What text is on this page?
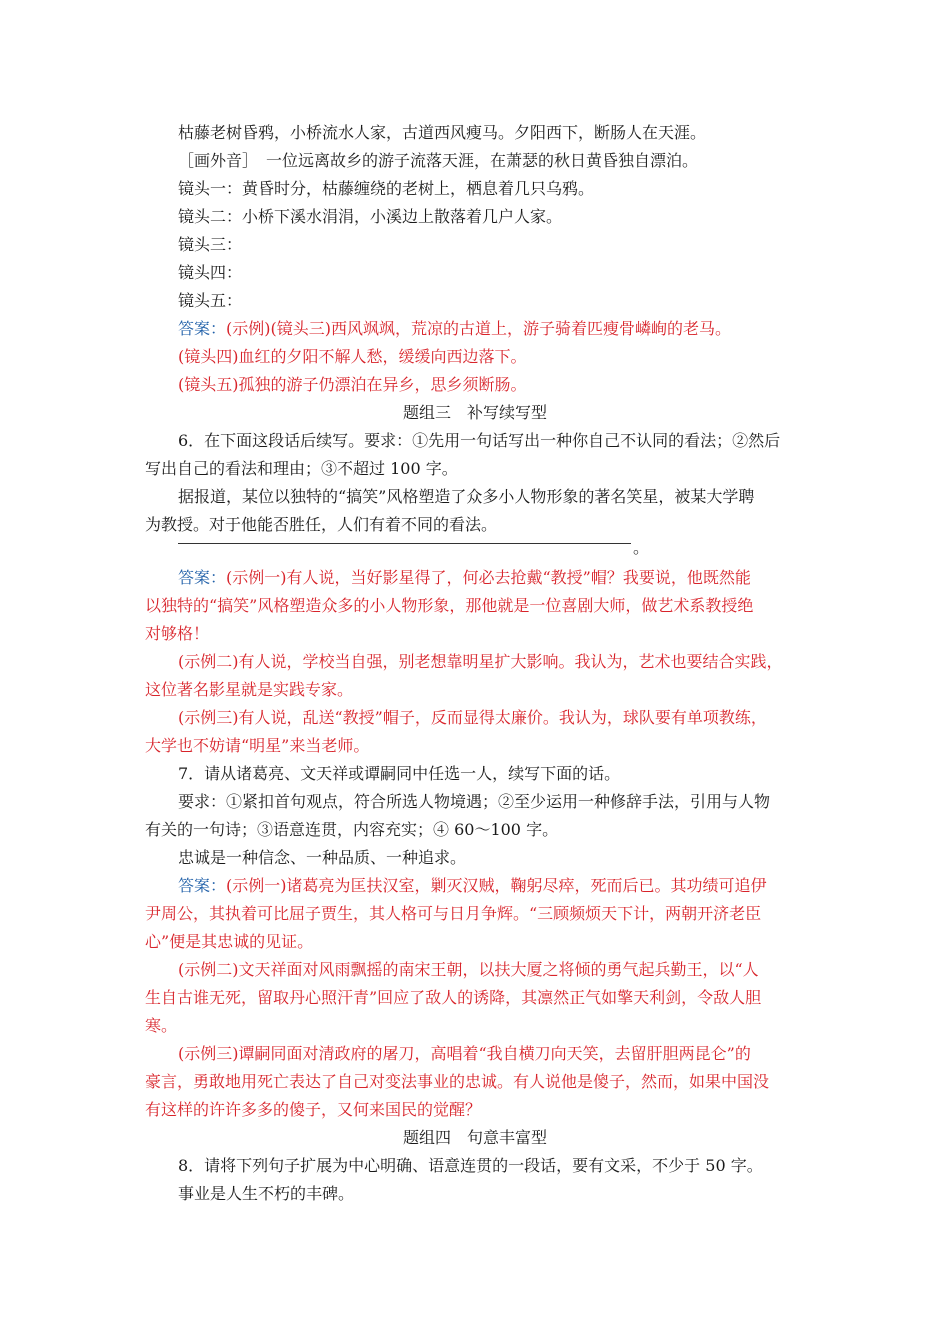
枯藤老树昏鸦，小桥流水人家，古道西风瘦马。夕阳西下，断肠人在天涯。
［画外音］　一位远离故乡的游子流落天涯，在萧瑟的秋日黄昏独自漂泊。
镜头一：黄昏时分，枯藤缠绕的老树上，栖息着几只乌鸦。
镜头二：小桥下溪水涓涓，小溪边上散落着几户人家。
镜头三：
镜头四：
镜头五：
答案：(示例)(镜头三)西风飒飒，荒凉的古道上，游子骑着匹瘦骨嶙峋的老马。
(镜头四)血红的夕阳不解人愁，缓缓向西边落下。
(镜头五)孤独的游子仍漂泊在异乡，思乡须断肠。
题组三　补写续写型
6．在下面这段话后续写。要求：①先用一句话写出一种你自己不认同的看法；②然后
写出自己的看法和理由；③不超过 100 字。
据报道，某位以独特的“搞笑”风格塑造了众多小人物形象的著名笑星，被某大学聘
为教授。对于他能否胜任，人们有着不同的看法。
。
答案：(示例一)有人说，当好影星得了，何必去抢戴“教授”帽？我要说，他既然能
以独特的“搞笑”风格塑造众多的小人物形象，那他就是一位喜剧大师，做艺术系教授绝
对够格！
(示例二)有人说，学校当自强，别老想靠明星扩大影响。我认为，艺术也要结合实践，
这位著名影星就是实践专家。
(示例三)有人说，乱送“教授”帽子，反而显得太廉价。我认为，球队要有单项教练，
大学也不妨请“明星”来当老师。
7．请从诸葛亮、文天祥或谭嗣同中任选一人，续写下面的话。
要求：①紧扣首句观点，符合所选人物境遇；②至少运用一种修辞手法，引用与人物
有关的一句诗；③语意连贯，内容充实；④ 60～100 字。
忠诚是一种信念、一种品质、一种追求。
答案：(示例一)诸葛亮为匡扶汉室，剿灭汉贼，鞠躬尽瘁，死而后已。其功绩可追伊
尹周公，其执着可比屈子贾生，其人格可与日月争辉。“三顾频烦天下计，两朝开济老臣
心”便是其忠诚的见证。
(示例二)文天祥面对风雨飘摇的南宋王朝，以扶大厦之将倾的勇气起兵勤王，以“人
生自古谁无死，留取丹心照汗青”回应了敌人的诱降，其凛然正气如擎天利剑，令敌人胆
寒。
(示例三)谭嗣同面对清政府的屠刀，高唱着“我自横刀向天笑，去留肝胆两昆仑”的
豪言，勇敢地用死亡表达了自己对变法事业的忠诚。有人说他是傻子，然而，如果中国没
有这样的许许多多的傻子，又何来国民的觉醒？
题组四　句意丰富型
8．请将下列句子扩展为中心明确、语意连贯的一段话，要有文采，不少于 50 字。
事业是人生不朽的丰碑。
